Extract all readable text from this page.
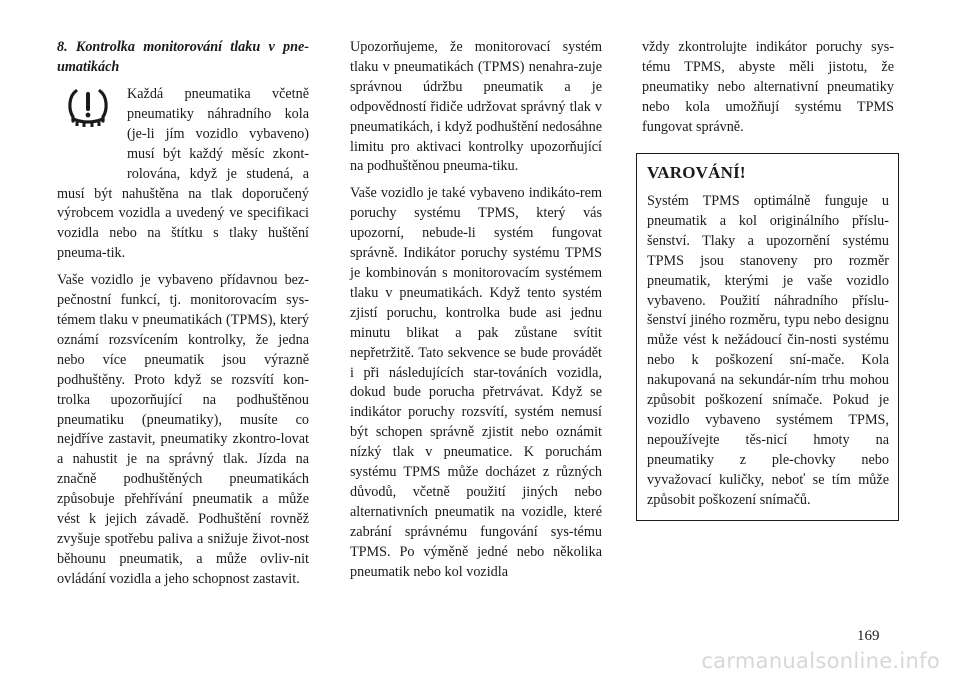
8. Kontrolka monitorování tlaku v pne-umatikách

Každá pneumatika včetně pneumatiky náhradního kola (je-li jím vozidlo vybaveno) musí být každý měsíc zkont-rolována, když je studená, a musí být nahuštěna na tlak doporučený výrobcem vozidla a uvedený ve specifikaci vozidla nebo na štítku s tlaky huštění pneuma-tik.

Vaše vozidlo je vybaveno přídavnou bez-pečnostní funkcí, tj. monitorovacím sys-témem tlaku v pneumatikách (TPMS), který oznámí rozsvícením kontrolky, že jedna nebo více pneumatik jsou výrazně podhuštěny. Proto když se rozsvítí kon-trolka upozorňující na podhuštěnou pneumatiku (pneumatiky), musíte co nejdříve zastavit, pneumatiky zkontro-lovat a nahustit je na správný tlak. Jízda na značně podhuštěných pneumatikách způsobuje přehřívání pneumatik a může vést k jejich závadě. Podhuštění rovněž zvyšuje spotřebu paliva a snižuje život-nost běhounu pneumatik, a může ovliv-nit ovládání vozidla a jeho schopnost zastavit.

Upozorňujeme, že monitorovací systém tlaku v pneumatikách (TPMS) nenahra-zuje správnou údržbu pneumatik a je odpovědností řidiče udržovat správný tlak v pneumatikách, i když podhuštění nedosáhne limitu pro aktivaci kontrolky upozorňující na podhuštěnou pneuma-tiku.

Vaše vozidlo je také vybaveno indikáto-rem poruchy systému TPMS, který vás upozorní, nebude-li systém fungovat správně. Indikátor poruchy systému TPMS je kombinován s monitorovacím systémem tlaku v pneumatikách. Když tento systém zjistí poruchu, kontrolka bude asi jednu minutu blikat a pak zůstane svítit nepřetržitě. Tato sekvence se bude provádět i při následujících star-továních vozidla, dokud bude porucha přetrvávat. Když se indikátor poruchy rozsvítí, systém nemusí být schopen správně zjistit nebo oznámit nízký tlak v pneumatice. K poruchám systému TPMS může docházet z různých důvodů, včetně použití jiných nebo alternativních pneumatik na vozidle, které zabrání správnému fungování sys-tému TPMS. Po výměně jedné nebo několika pneumatik nebo kol vozidla

vždy zkontrolujte indikátor poruchy sys-tému TPMS, abyste měli jistotu, že pneumatiky nebo alternativní pneumatiky nebo kola umožňují systému TPMS fungovat správně.

VAROVÁNÍ!

Systém TPMS optimálně funguje u pneumatik a kol originálního příslu-šenství. Tlaky a upozornění systému TPMS jsou stanoveny pro rozměr pneumatik, kterými je vaše vozidlo vybaveno. Použití náhradního příslu-šenství jiného rozměru, typu nebo designu může vést k nežádoucí čin-nosti systému nebo k poškození sní-mače. Kola nakupovaná na sekundár-ním trhu mohou způsobit poškození snímače. Pokud je vozidlo vybaveno systémem TPMS, nepoužívejte těs-nicí hmoty na pneumatiky z ple-chovky nebo vyvažovací kuličky, neboť se tím může způsobit poškození snímačů.

169
carmanualsonline.info
